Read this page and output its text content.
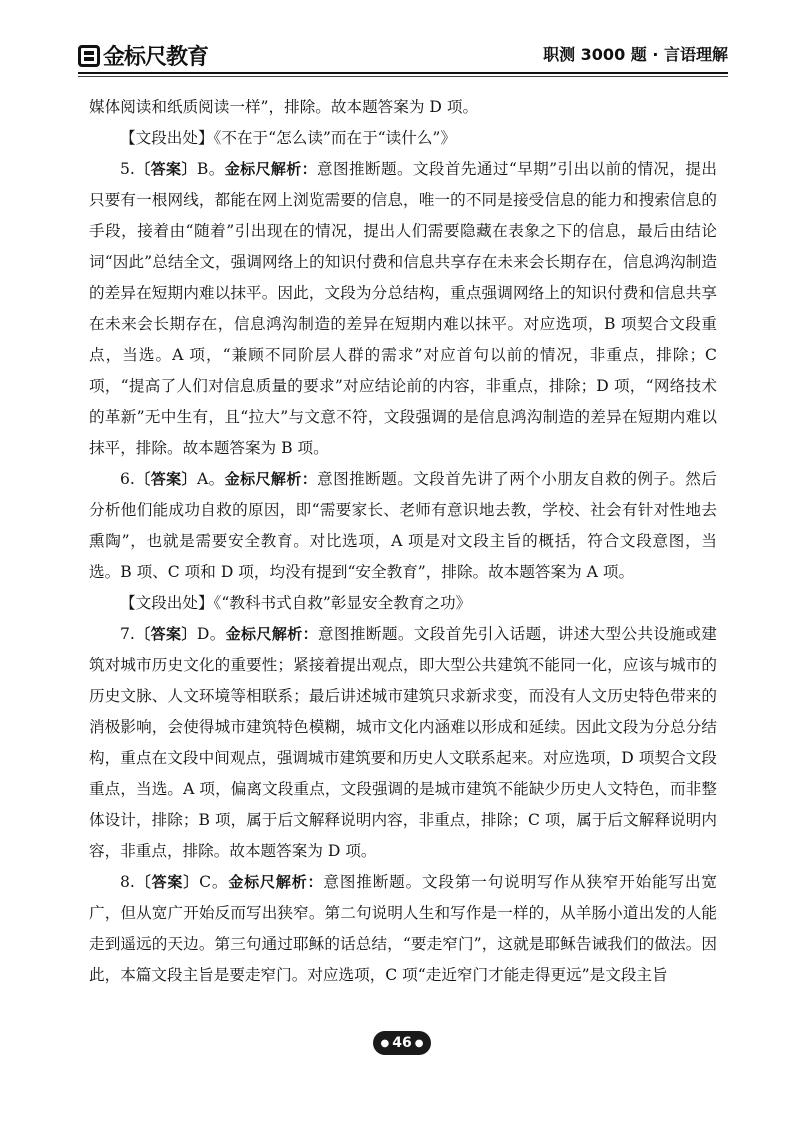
金标尺教育	职测 3000 题 · 言语理解

媒体阅读和纸质阅读一样”，排除。故本题答案为 D 项。

【文段出处】《不在于“怎么读”而在于“读什么”》

5.〔答案〕B。金标尺解析：意图推断题。文段首先通过“早期”引出以前的情况，提出只要有一根网线，都能在网上浏览需要的信息，唯一的不同是接受信息的能力和搜索信息的手段，接着由“随着”引出现在的情况，提出人们需要隐藏在表象之下的信息，最后由结论词“因此”总结全文，强调网络上的知识付费和信息共享存在未来会长期存在，信息鸿沟制造的差异在短期内难以抹平。因此，文段为分总结构，重点强调网络上的知识付费和信息共享在未来会长期存在，信息鸿沟制造的差异在短期内难以抹平。对应选项，B 项契合文段重点，当选。A 项，“兼顾不同阶层人群的需求”对应首句以前的情况，非重点，排除；C 项，“提高了人们对信息质量的要求”对应结论前的内容，非重点，排除；D 项，“网络技术的革新”无中生有，且“拉大”与文意不符，文段强调的是信息鸿沟制造的差异在短期内难以抹平，排除。故本题答案为 B 项。

6.〔答案〕A。金标尺解析：意图推断题。文段首先讲了两个小朋友自救的例子。然后分析他们能成功自救的原因，即“需要家长、老师有意识地去教，学校、社会有针对性地去熏陶”，也就是需要安全教育。对比选项，A 项是对文段主旨的概括，符合文段意图，当选。B 项、C 项和 D 项，均没有提到“安全教育”，排除。故本题答案为 A 项。

【文段出处】《“教科书式自救”彰显安全教育之功》

7.〔答案〕D。金标尺解析：意图推断题。文段首先引入话题，讲述大型公共设施或建筑对城市历史文化的重要性；紧接着提出观点，即大型公共建筑不能同一化，应该与城市的历史文脉、人文环境等相联系；最后讲述城市建筑只求新求变，而没有人文历史特色带来的消极影响，会使得城市建筑特色模糊，城市文化内涵难以形成和延续。因此文段为分总分结构，重点在文段中间观点，强调城市建筑要和历史人文联系起来。对应选项，D 项契合文段重点，当选。A 项，偏离文段重点，文段强调的是城市建筑不能缺少历史人文特色，而非整体设计，排除；B 项，属于后文解释说明内容，非重点，排除；C 项，属于后文解释说明内容，非重点，排除。故本题答案为 D 项。

8.〔答案〕C。金标尺解析：意图推断题。文段第一句说明写作从狭窄开始能写出宽广，但从宽广开始反而写出狭窄。第二句说明人生和写作是一样的，从羊肠小道出发的人能走到遥远的天边。第三句通过耶稣的话总结，“要走窄门”，这就是耶稣告诫我们的做法。因此，本篇文段主旨是要走窄门。对应选项，C 项“走近窄门才能走得更远”是文段主旨

● 46 ●
